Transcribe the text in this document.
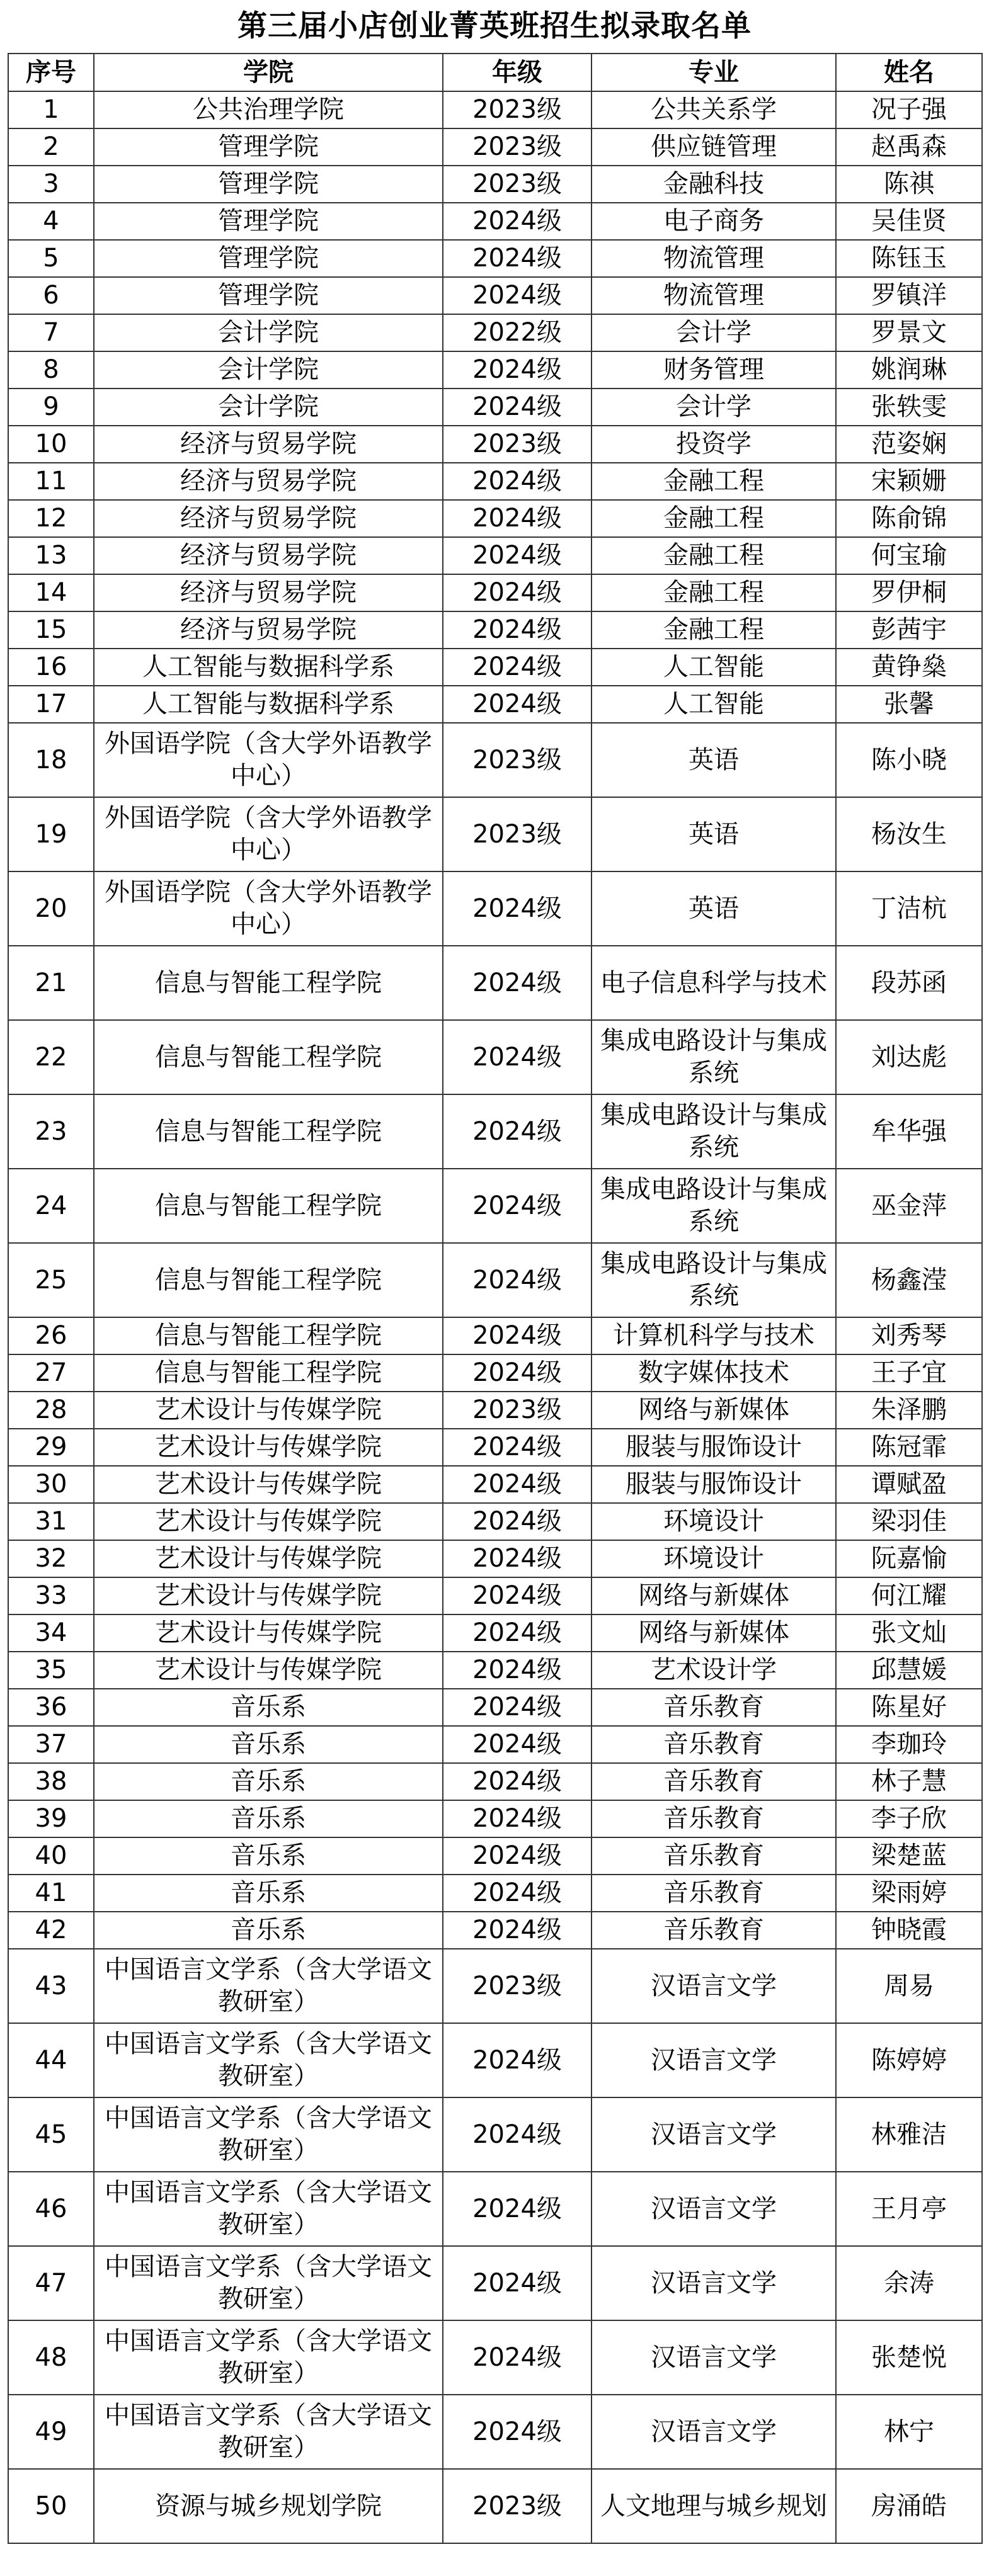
第三届小店创业菁英班招生拟录取名单
序号	学院	年级	专业	姓名
1	公共治理学院	2023级	公共关系学	况子强
2	管理学院	2023级	供应链管理	赵禹森
3	管理学院	2023级	金融科技	陈祺
4	管理学院	2024级	电子商务	吴佳贤
5	管理学院	2024级	物流管理	陈钰玉
6	管理学院	2024级	物流管理	罗镇洋
7	会计学院	2022级	会计学	罗景文
8	会计学院	2024级	财务管理	姚润琳
9	会计学院	2024级	会计学	张轶雯
10	经济与贸易学院	2023级	投资学	范姿娴
11	经济与贸易学院	2024级	金融工程	宋颖姗
12	经济与贸易学院	2024级	金融工程	陈俞锦
13	经济与贸易学院	2024级	金融工程	何宝瑜
14	经济与贸易学院	2024级	金融工程	罗伊桐
15	经济与贸易学院	2024级	金融工程	彭茜宇
16	人工智能与数据科学系	2024级	人工智能	黄铮燊
17	人工智能与数据科学系	2024级	人工智能	张馨
18	外国语学院（含大学外语教学中心）	2023级	英语	陈小晓
19	外国语学院（含大学外语教学中心）	2023级	英语	杨汝生
20	外国语学院（含大学外语教学中心）	2024级	英语	丁洁杭
21	信息与智能工程学院	2024级	电子信息科学与技术	段苏函
22	信息与智能工程学院	2024级	集成电路设计与集成系统	刘达彪
23	信息与智能工程学院	2024级	集成电路设计与集成系统	牟华强
24	信息与智能工程学院	2024级	集成电路设计与集成系统	巫金萍
25	信息与智能工程学院	2024级	集成电路设计与集成系统	杨鑫滢
26	信息与智能工程学院	2024级	计算机科学与技术	刘秀琴
27	信息与智能工程学院	2024级	数字媒体技术	王子宜
28	艺术设计与传媒学院	2023级	网络与新媒体	朱泽鹏
29	艺术设计与传媒学院	2024级	服装与服饰设计	陈冠霏
30	艺术设计与传媒学院	2024级	服装与服饰设计	谭赋盈
31	艺术设计与传媒学院	2024级	环境设计	梁羽佳
32	艺术设计与传媒学院	2024级	环境设计	阮嘉愉
33	艺术设计与传媒学院	2024级	网络与新媒体	何江耀
34	艺术设计与传媒学院	2024级	网络与新媒体	张文灿
35	艺术设计与传媒学院	2024级	艺术设计学	邱慧媛
36	音乐系	2024级	音乐教育	陈星好
37	音乐系	2024级	音乐教育	李珈玲
38	音乐系	2024级	音乐教育	林子慧
39	音乐系	2024级	音乐教育	李子欣
40	音乐系	2024级	音乐教育	梁楚蓝
41	音乐系	2024级	音乐教育	梁雨婷
42	音乐系	2024级	音乐教育	钟晓霞
43	中国语言文学系（含大学语文教研室）	2023级	汉语言文学	周易
44	中国语言文学系（含大学语文教研室）	2024级	汉语言文学	陈婷婷
45	中国语言文学系（含大学语文教研室）	2024级	汉语言文学	林雅洁
46	中国语言文学系（含大学语文教研室）	2024级	汉语言文学	王月亭
47	中国语言文学系（含大学语文教研室）	2024级	汉语言文学	余涛
48	中国语言文学系（含大学语文教研室）	2024级	汉语言文学	张楚悦
49	中国语言文学系（含大学语文教研室）	2024级	汉语言文学	林宁
50	资源与城乡规划学院	2023级	人文地理与城乡规划	房涌皓
